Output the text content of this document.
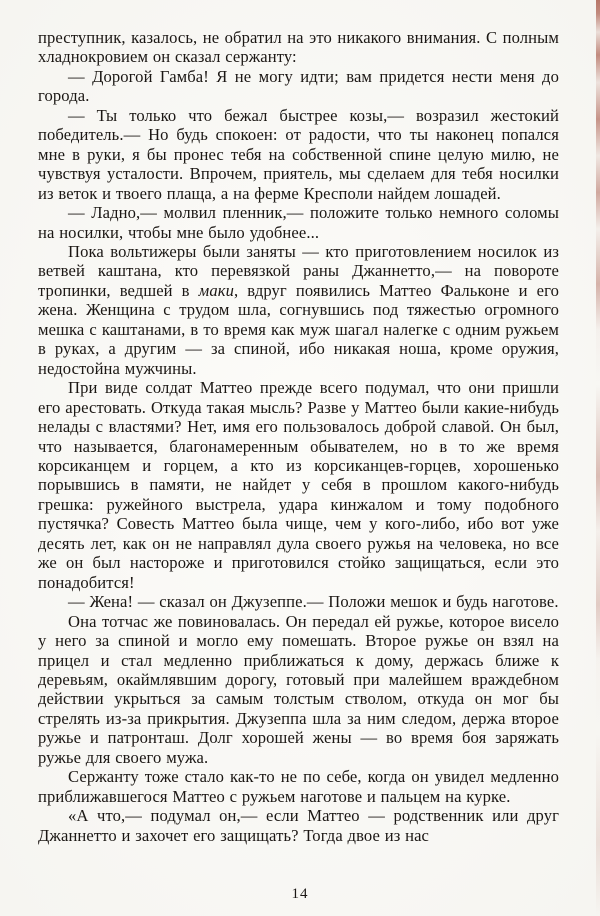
преступник, казалось, не обратил на это никакого внимания. С полным хладнокровием он сказал сержанту:

— Дорогой Гамба! Я не могу идти; вам придется нести меня до города.

— Ты только что бежал быстрее козы,— возразил жестокий победитель.— Но будь спокоен: от радости, что ты наконец попался мне в руки, я бы пронес тебя на собственной спине целую милю, не чувствуя усталости. Впрочем, приятель, мы сделаем для тебя носилки из веток и твоего плаща, а на ферме Кресполи найдем лошадей.

— Ладно,— молвил пленник,— положите только немного соломы на носилки, чтобы мне было удобнее...

Пока вольтижеры были заняты — кто приготовлением носилок из ветвей каштана, кто перевязкой раны Джаннетто,— на повороте тропинки, ведшей в маки, вдруг появились Маттео Фальконе и его жена. Женщина с трудом шла, согнувшись под тяжестью огромного мешка с каштанами, в то время как муж шагал налегке с одним ружьем в руках, а другим — за спиной, ибо никакая ноша, кроме оружия, недостойна мужчины.

При виде солдат Маттео прежде всего подумал, что они пришли его арестовать. Откуда такая мысль? Разве у Маттео были какие-нибудь нелады с властями? Нет, имя его пользовалось доброй славой. Он был, что называется, благонамеренным обывателем, но в то же время корсиканцем и горцем, а кто из корсиканцев-горцев, хорошенько порывшись в памяти, не найдет у себя в прошлом какого-нибудь грешка: ружейного выстрела, удара кинжалом и тому подобного пустячка? Совесть Маттео была чище, чем у кого-либо, ибо вот уже десять лет, как он не направлял дула своего ружья на человека, но все же он был настороже и приготовился стойко защищаться, если это понадобится!

— Жена! — сказал он Джузеппе.— Положи мешок и будь наготове.

Она тотчас же повиновалась. Он передал ей ружье, которое висело у него за спиной и могло ему помешать. Второе ружье он взял на прицел и стал медленно приближаться к дому, держась ближе к деревьям, окаймлявшим дорогу, готовый при малейшем враждебном действии укрыться за самым толстым стволом, откуда он мог бы стрелять из-за прикрытия. Джузеппа шла за ним следом, держа второе ружье и патронташ. Долг хорошей жены — во время боя заряжать ружье для своего мужа.

Сержанту тоже стало как-то не по себе, когда он увидел медленно приближавшегося Маттео с ружьем наготове и пальцем на курке.

«А что,— подумал он,— если Маттео — родственник или друг Джаннетто и захочет его защищать? Тогда двое из нас

14
